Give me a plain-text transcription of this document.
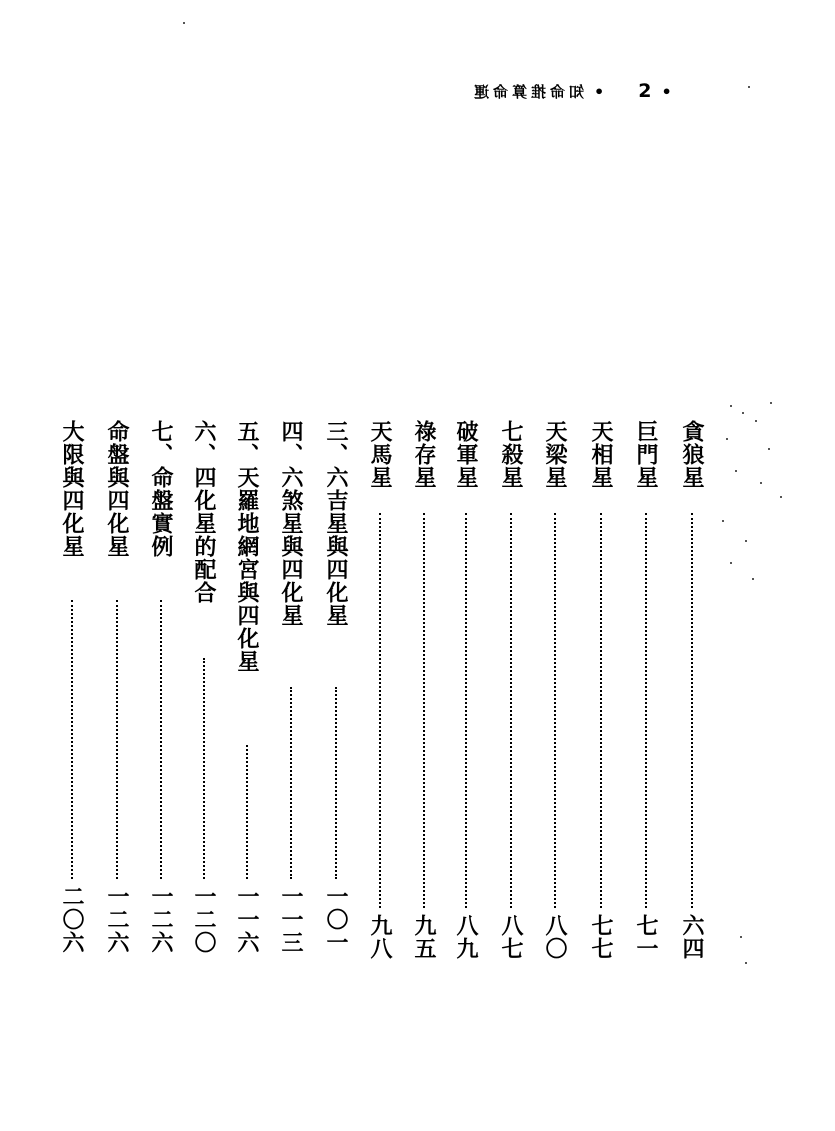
知命推算命運 • 2 •
貪狼星
六四
巨門星
七一
天相星
七七
天梁星
八〇
七殺星
八七
破軍星
八九
祿存星
九五
天馬星
九八
三、六吉星與四化星
一〇一
四、六煞星與四化星
一一三
五、天羅地網宮與四化星
一一六
六、四化星的配合
一二〇
七、命盤實例
一二六
命盤與四化星
一二六
大限與四化星
二〇六
